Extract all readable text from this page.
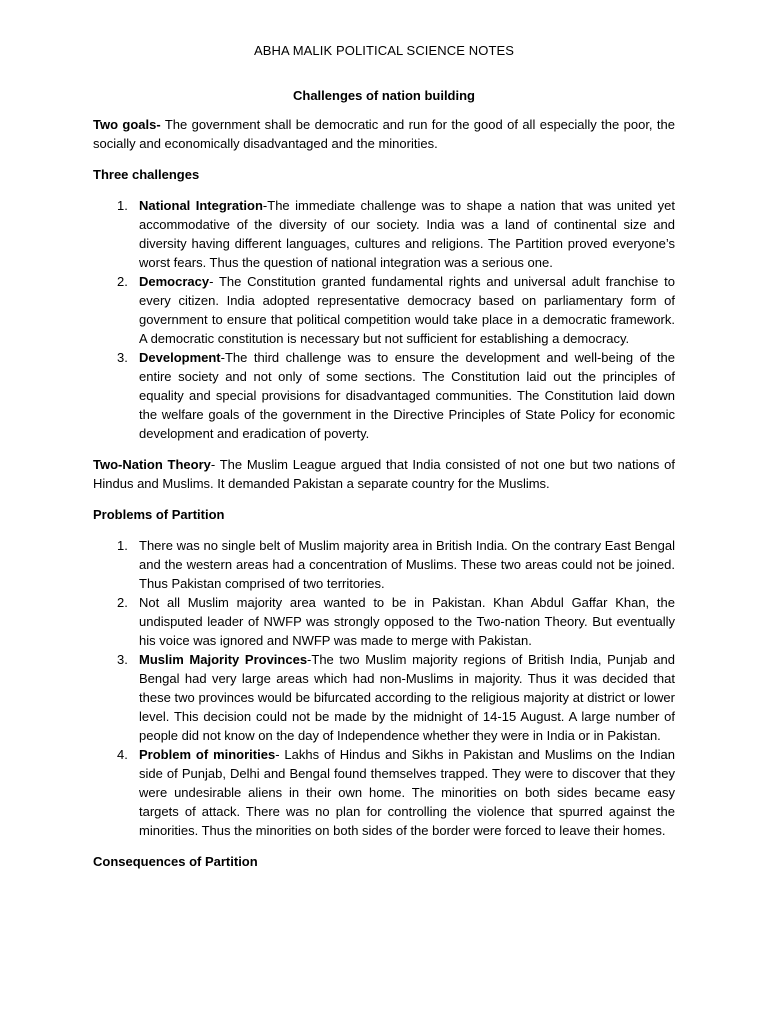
ABHA MALIK POLITICAL SCIENCE NOTES
Challenges of nation building

Two goals- The government shall be democratic and run for the good of all especially the poor, the socially and economically disadvantaged and the minorities.

Three challenges
1. National Integration-The immediate challenge was to shape a nation that was united yet accommodative of the diversity of our society. India was a land of continental size and diversity having different languages, cultures and religions. The Partition proved everyone’s worst fears. Thus the question of national integration was a serious one.
2. Democracy- The Constitution granted fundamental rights and universal adult franchise to every citizen. India adopted representative democracy based on parliamentary form of government to ensure that political competition would take place in a democratic framework. A democratic constitution is necessary but not sufficient for establishing a democracy.
3. Development-The third challenge was to ensure the development and well-being of the entire society and not only of some sections. The Constitution laid out the principles of equality and special provisions for disadvantaged communities. The Constitution laid down the welfare goals of the government in the Directive Principles of State Policy for economic development and eradication of poverty.

Two-Nation Theory- The Muslim League argued that India consisted of not one but two nations of Hindus and Muslims. It demanded Pakistan a separate country for the Muslims.

Problems of Partition
1. There was no single belt of Muslim majority area in British India. On the contrary East Bengal and the western areas had a concentration of Muslims. These two areas could not be joined. Thus Pakistan comprised of two territories.
2. Not all Muslim majority area wanted to be in Pakistan. Khan Abdul Gaffar Khan, the undisputed leader of NWFP was strongly opposed to the Two-nation Theory. But eventually his voice was ignored and NWFP was made to merge with Pakistan.
3. Muslim Majority Provinces-The two Muslim majority regions of British India, Punjab and Bengal had very large areas which had non-Muslims in majority. Thus it was decided that these two provinces would be bifurcated according to the religious majority at district or lower level. This decision could not be made by the midnight of 14-15 August. A large number of people did not know on the day of Independence whether they were in India or in Pakistan.
4. Problem of minorities- Lakhs of Hindus and Sikhs in Pakistan and Muslims on the Indian side of Punjab, Delhi and Bengal found themselves trapped. They were to discover that they were undesirable aliens in their own home. The minorities on both sides became easy targets of attack. There was no plan for controlling the violence that spurred against the minorities. Thus the minorities on both sides of the border were forced to leave their homes.
Consequences of Partition
